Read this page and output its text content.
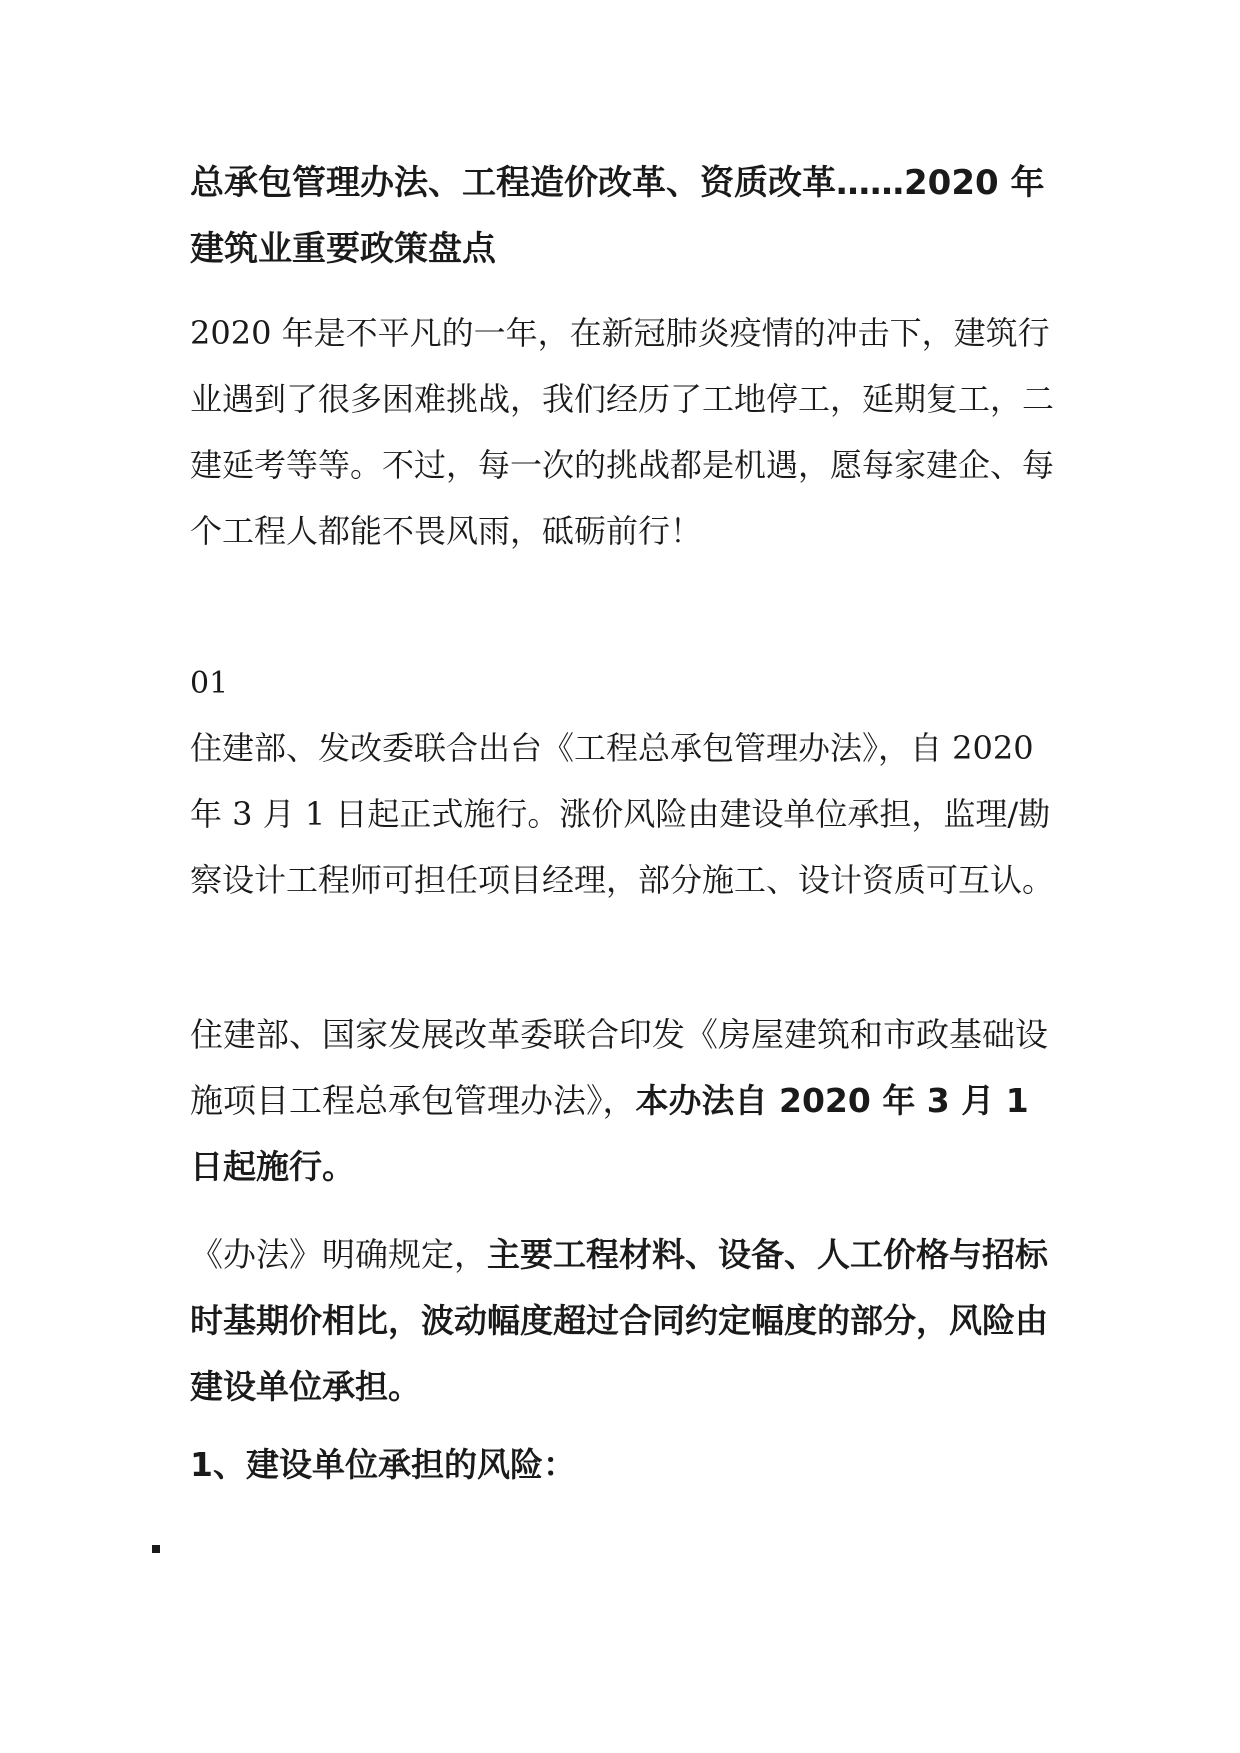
总承包管理办法、工程造价改革、资质改革……2020 年建筑业重要政策盘点

2020 年是不平凡的一年，在新冠肺炎疫情的冲击下，建筑行业遇到了很多困难挑战，我们经历了工地停工，延期复工，二建延考等等。不过，每一次的挑战都是机遇，愿每家建企、每个工程人都能不畏风雨，砥砺前行！

01

住建部、发改委联合出台《工程总承包管理办法》，自 2020 年 3 月 1 日起正式施行。涨价风险由建设单位承担，监理/勘察设计工程师可担任项目经理，部分施工、设计资质可互认。

住建部、国家发展改革委联合印发《房屋建筑和市政基础设施项目工程总承包管理办法》，本办法自 2020 年 3 月 1 日起施行。

《办法》明确规定，主要工程材料、设备、人工价格与招标时基期价相比，波动幅度超过合同约定幅度的部分，风险由建设单位承担。

1、建设单位承担的风险：
